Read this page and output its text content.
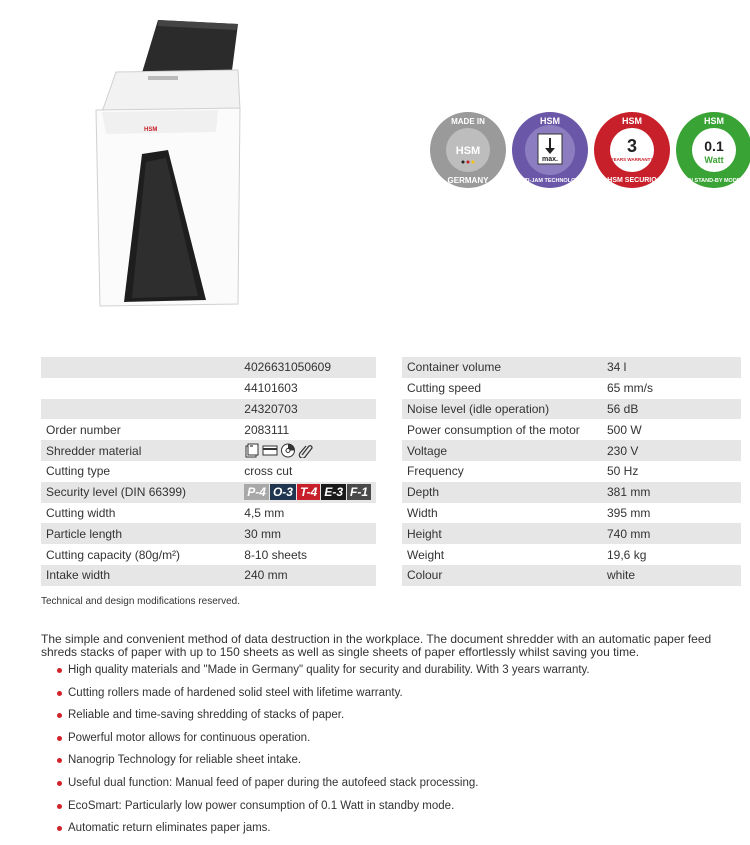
HSM
MADE IN
HSM
GERMANY
HSM
max.
ANTI-JAM TECHNOLOGY
HSM
3
YEARS WARRANTY
HSM SECURIO
HSM
0.1
Watt
IN STAND-BY MODE
	4026631050609
	44101603
	24320703
Order number	2083111
Shredder material	

Cutting type	cross cut
Security level (DIN 66399)	P-4 O-3 T-4 E-3 F-1

Cutting width	4,5 mm
Particle length	30 mm
Cutting capacity (80g/m²)	8-10 sheets
Intake width	240 mm
Container volume	34 l
Cutting speed	65 mm/s
Noise level (idle operation)	56 dB
Power consumption of the motor	500 W
Voltage	230 V
Frequency	50 Hz
Depth	381 mm
Width	395 mm
Height	740 mm
Weight	19,6 kg
Colour	white

Technical and design modifications reserved.

The simple and convenient method of data destruction in the workplace. The document shredder with an automatic paper feed shreds stacks of paper with up to 150 sheets as well as single sheets of paper effortlessly whilst saving you time.

High quality materials and "Made in Germany" quality for security and durability. With 3 years warranty.
Cutting rollers made of hardened solid steel with lifetime warranty.
Reliable and time-saving shredding of stacks of paper.
Powerful motor allows for continuous operation.
Nanogrip Technology for reliable sheet intake.
Useful dual function: Manual feed of paper during the autofeed stack processing.
EcoSmart: Particularly low power consumption of 0.1 Watt in standby mode.
Automatic return eliminates paper jams.
